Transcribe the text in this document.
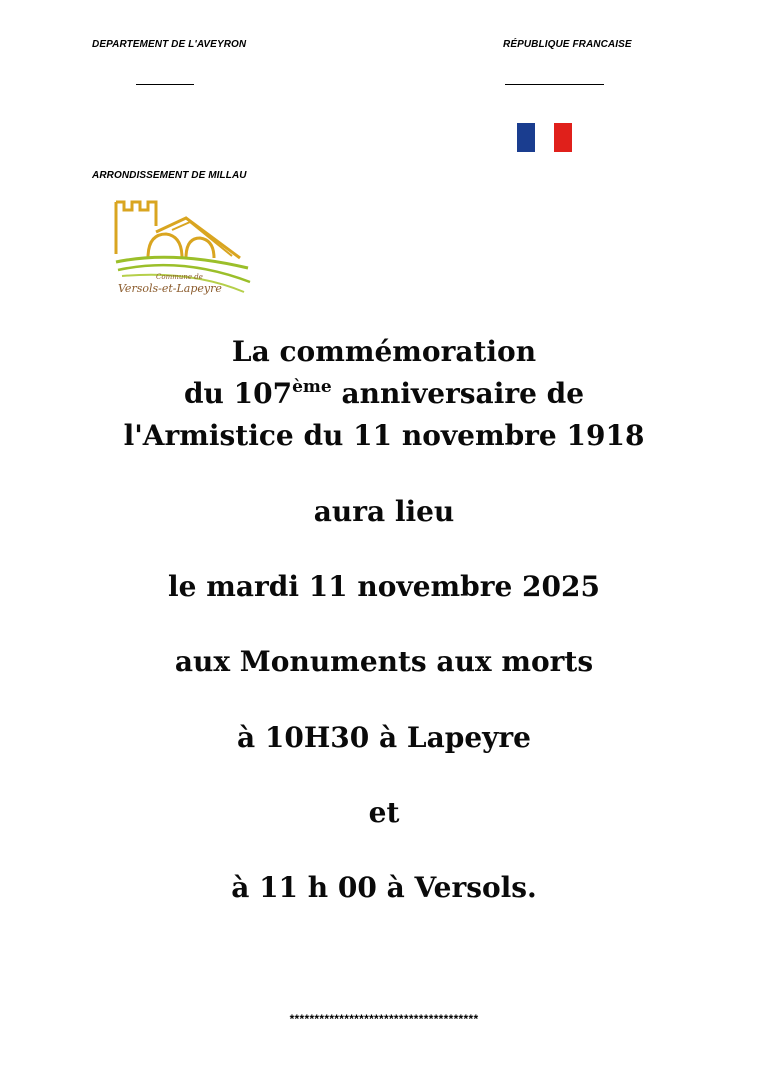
DEPARTEMENT DE L'AVEYRON	RÉPUBLIQUE FRANCAISE
ARRONDISSEMENT DE MILLAU
Commune de
Versols-et-Lapeyre
La commémoration
du 107ème anniversaire de
l'Armistice du 11 novembre 1918
aura lieu
le mardi 11 novembre 2025
aux Monuments aux morts
à 10H30 à Lapeyre
et
à 11 h 00 à Versols.
**************************************
